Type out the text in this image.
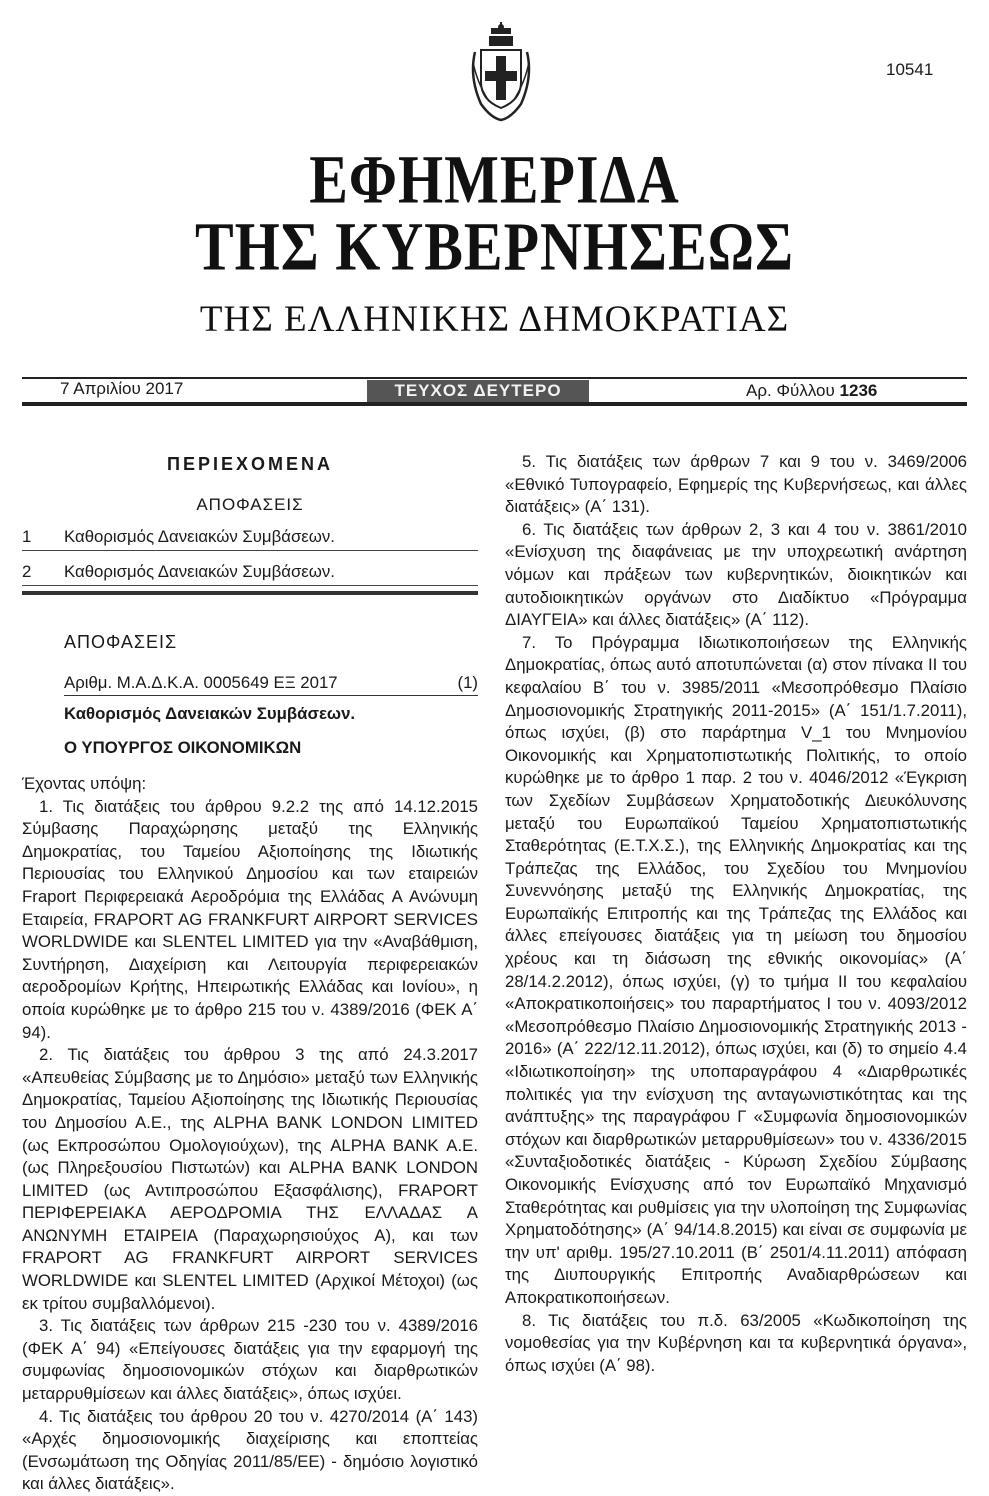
10541
ΕΦΗΜΕΡΙΔΑ
ΤΗΣ ΚΥΒΕΡΝΗΣΕΩΣ
ΤΗΣ ΕΛΛΗΝΙΚΗΣ ΔΗΜΟΚΡΑΤΙΑΣ
7 Απριλίου 2017	ΤΕΥΧΟΣ ΔΕΥΤΕΡΟ	Αρ. Φύλλου 1236
ΠΕΡΙΕΧΟΜΕΝΑ
ΑΠΟΦΑΣΕΙΣ
1 Καθορισμός Δανειακών Συμβάσεων.
2 Καθορισμός Δανειακών Συμβάσεων.
ΑΠΟΦΑΣΕΙΣ
Αριθμ. Μ.Α.Δ.Κ.Α. 0005649 ΕΞ 2017	(1)
Καθορισμός Δανειακών Συμβάσεων.
Ο ΥΠΟΥΡΓΟΣ ΟΙΚΟΝΟΜΙΚΩΝ

Έχοντας υπόψη:

1. Τις διατάξεις του άρθρου 9.2.2 της από 14.12.2015 Σύμβασης Παραχώρησης μεταξύ της Ελληνικής Δημοκρατίας, του Ταμείου Αξιοποίησης της Ιδιωτικής Περιουσίας του Ελληνικού Δημοσίου και των εταιρειών Fraport Περιφερειακά Αεροδρόμια της Ελλάδας Α Ανώνυμη Εταιρεία, FRAPORT AG FRANKFURT AIRPORT SERVICES WORLDWIDE και SLENTEL LIMITED για την «Αναβάθμιση, Συντήρηση, Διαχείριση και Λειτουργία περιφερειακών αεροδρομίων Κρήτης, Ηπειρωτικής Ελλάδας και Ιονίου», η οποία κυρώθηκε με το άρθρο 215 του ν. 4389/2016 (ΦΕΚ Α΄ 94).

2. Τις διατάξεις του άρθρου 3 της από 24.3.2017 «Απευθείας Σύμβασης με το Δημόσιο» μεταξύ των Ελληνικής Δημοκρατίας, Ταμείου Αξιοποίησης της Ιδιωτικής Περιουσίας του Δημοσίου Α.Ε., της ALPHA BANK LONDON LIMITED (ως Εκπροσώπου Ομολογιούχων), της ALPHA BANK A.E. (ως Πληρεξουσίου Πιστωτών) και ALPHA BANK LONDON LIMITED (ως Αντιπροσώπου Εξασφάλισης), FRAPORT ΠΕΡΙΦΕΡΕΙΑΚΑ ΑΕΡΟΔΡΟΜΙΑ ΤΗΣ ΕΛΛΑΔΑΣ Α ΑΝΩΝΥΜΗ ΕΤΑΙΡΕΙΑ (Παραχωρησιούχος Α), και των FRAPORT AG FRANKFURT AIRPORT SERVICES WORLDWIDE και SLENTEL LIMITED (Αρχικοί Μέτοχοι) (ως εκ τρίτου συμβαλλόμενοι).

3. Τις διατάξεις των άρθρων 215 -230 του ν. 4389/2016 (ΦΕΚ Α΄ 94) «Επείγουσες διατάξεις για την εφαρμογή της συμφωνίας δημοσιονομικών στόχων και διαρθρωτικών μεταρρυθμίσεων και άλλες διατάξεις», όπως ισχύει.

4. Τις διατάξεις του άρθρου 20 του ν. 4270/2014 (Α΄ 143) «Αρχές δημοσιονομικής διαχείρισης και εποπτείας (Ενσωμάτωση της Οδηγίας 2011/85/ΕΕ) - δημόσιο λογιστικό και άλλες διατάξεις».

5. Τις διατάξεις των άρθρων 7 και 9 του ν. 3469/2006 «Εθνικό Τυπογραφείο, Εφημερίς της Κυβερνήσεως, και άλλες διατάξεις» (Α΄ 131).

6. Τις διατάξεις των άρθρων 2, 3 και 4 του ν. 3861/2010 «Ενίσχυση της διαφάνειας με την υποχρεωτική ανάρτηση νόμων και πράξεων των κυβερνητικών, διοικητικών και αυτοδιοικητικών οργάνων στο Διαδίκτυο «Πρόγραμμα ΔΙΑΥΓΕΙΑ» και άλλες διατάξεις» (Α΄ 112).

7. Το Πρόγραμμα Ιδιωτικοποιήσεων της Ελληνικής Δημοκρατίας, όπως αυτό αποτυπώνεται (α) στον πίνακα ΙΙ του κεφαλαίου Β΄ του ν. 3985/2011 «Μεσοπρόθεσμο Πλαίσιο Δημοσιονομικής Στρατηγικής 2011-2015» (Α΄ 151/1.7.2011), όπως ισχύει, (β) στο παράρτημα V_1 του Μνημονίου Οικονομικής και Χρηματοπιστωτικής Πολιτικής, το οποίο κυρώθηκε με το άρθρο 1 παρ. 2 του ν. 4046/2012 «Έγκριση των Σχεδίων Συμβάσεων Χρηματοδοτικής Διευκόλυνσης μεταξύ του Ευρωπαϊκού Ταμείου Χρηματοπιστωτικής Σταθερότητας (Ε.Τ.Χ.Σ.), της Ελληνικής Δημοκρατίας και της Τράπεζας της Ελλάδος, του Σχεδίου του Μνημονίου Συνεννόησης μεταξύ της Ελληνικής Δημοκρατίας, της Ευρωπαϊκής Επιτροπής και της Τράπεζας της Ελλάδος και άλλες επείγουσες διατάξεις για τη μείωση του δημοσίου χρέους και τη διάσωση της εθνικής οικονομίας» (Α΄ 28/14.2.2012), όπως ισχύει, (γ) το τμήμα ΙΙ του κεφαλαίου «Αποκρατικοποιήσεις» του παραρτήματος Ι του ν. 4093/2012 «Μεσοπρόθεσμο Πλαίσιο Δημοσιονομικής Στρατηγικής 2013 - 2016» (Α΄ 222/12.11.2012), όπως ισχύει, και (δ) το σημείο 4.4 «Ιδιωτικοποίηση» της υποπαραγράφου 4 «Διαρθρωτικές πολιτικές για την ενίσχυση της ανταγωνιστικότητας και της ανάπτυξης» της παραγράφου Γ «Συμφωνία δημοσιονομικών στόχων και διαρθρωτικών μεταρρυθμίσεων» του ν. 4336/2015 «Συνταξιοδοτικές διατάξεις - Κύρωση Σχεδίου Σύμβασης Οικονομικής Ενίσχυσης από τον Ευρωπαϊκό Μηχανισμό Σταθερότητας και ρυθμίσεις για την υλοποίηση της Συμφωνίας Χρηματοδότησης» (Α΄ 94/14.8.2015) και είναι σε συμφωνία με την υπ' αριθμ. 195/27.10.2011 (Β΄ 2501/4.11.2011) απόφαση της Διυπουργικής Επιτροπής Αναδιαρθρώσεων και Αποκρατικοποιήσεων.

8. Τις διατάξεις του π.δ. 63/2005 «Κωδικοποίηση της νομοθεσίας για την Κυβέρνηση και τα κυβερνητικά όργανα», όπως ισχύει (Α΄ 98).
